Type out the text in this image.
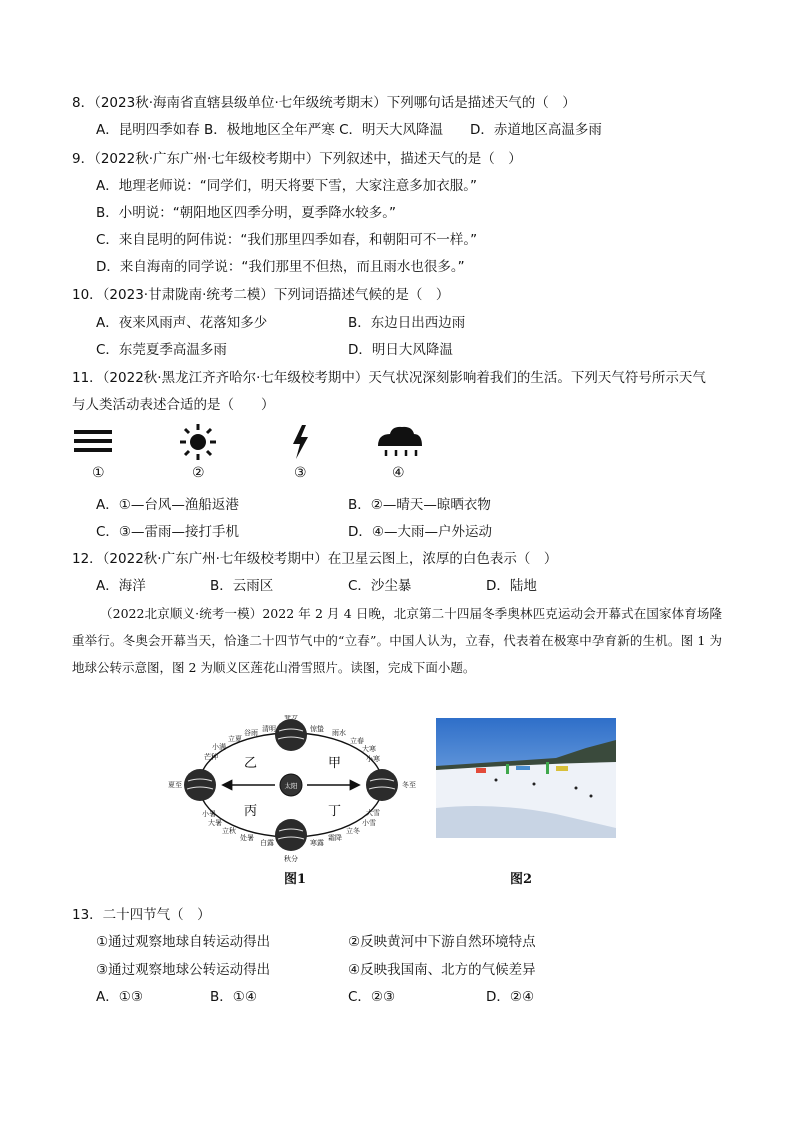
8．（2023秋·海南省直辖县级单位·七年级统考期末）下列哪句话是描述天气的（　）
A．昆明四季如春 B．极地地区全年严寒 C．明天大风降温　　D．赤道地区高温多雨
9．（2022秋·广东广州·七年级校考期中）下列叙述中，描述天气的是（　）
A．地理老师说：“同学们，明天将要下雪，大家注意多加衣服。”
B．小明说：“朝阳地区四季分明，夏季降水较多。”
C．来自昆明的阿伟说：“我们那里四季如春，和朝阳可不一样。”
D．来自海南的同学说：“我们那里不但热，而且雨水也很多。”
10．（2023·甘肃陇南·统考二模）下列词语描述气候的是（　）
A．夜来风雨声、花落知多少	B．东边日出西边雨
C．东莞夏季高温多雨	D．明日大风降温
11．（2022秋·黑龙江齐齐哈尔·七年级校考期中）天气状况深刻影响着我们的生活。下列天气符号所示天气
与人类活动表述合适的是（　　）
①	②	③	④
A．①—台风—渔船返港	B．②—晴天—晾晒衣物
C．③—雷雨—接打手机	D．④—大雨—户外运动
12．（2022秋·广东广州·七年级校考期中）在卫星云图上，浓厚的白色表示（　）
A．海洋	B．云雨区	C．沙尘暴	D．陆地
（2022北京顺义·统考一模）2022 年 2 月 4 日晚，北京第二十四届冬季奥林匹克运动会开幕式在国家体育场隆重举行。冬奥会开幕当天，恰逢二十四节气中的“立春”。中国人认为，立春，代表着在极寒中孕育新的生机。图 1 为地球公转示意图，图 2 为顺义区莲花山滑雪照片。读图，完成下面小题。
太阳
乙	甲
丙	丁
春分
清明
谷雨
立夏
小满
芒种
夏至
小暑
大暑
立秋
处暑
白露
秋分
寒露
霜降
立冬
小雪
大雪
冬至
小寒
大寒
立春
雨水
惊蛰
图1	图2
13．二十四节气（　）
①通过观察地球自转运动得出	②反映黄河中下游自然环境特点
③通过观察地球公转运动得出	④反映我国南、北方的气候差异
A．①③	B．①④	C．②③	D．②④
